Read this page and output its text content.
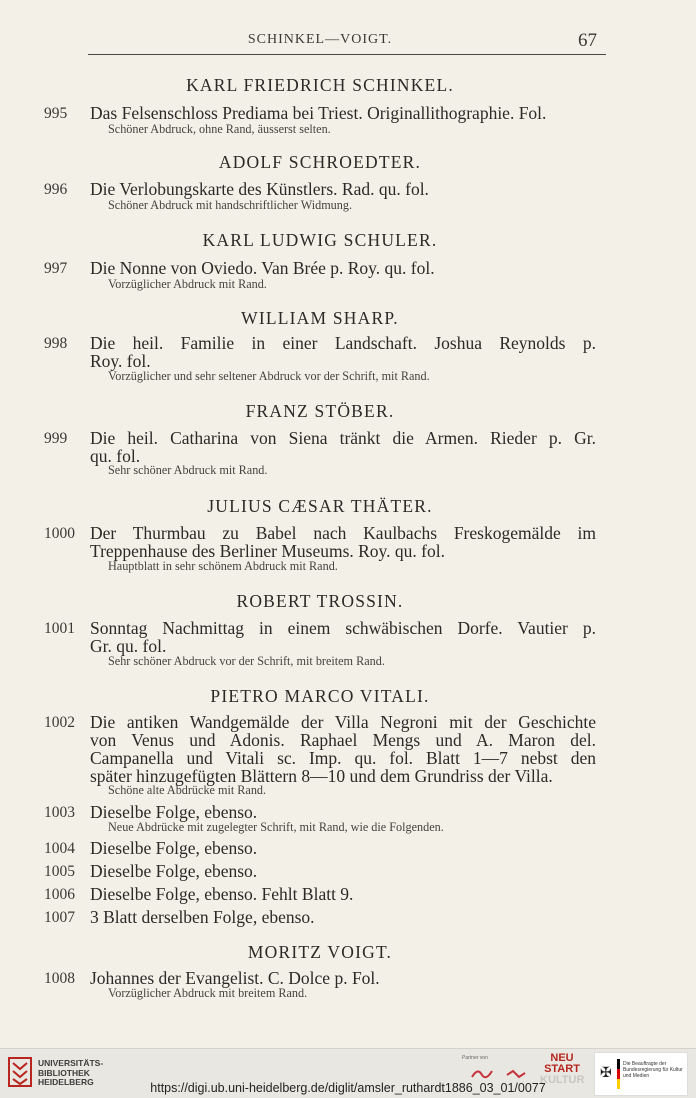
SCHINKEL—VOIGT.	67
KARL FRIEDRICH SCHINKEL.
995	Das Felsenschloss Prediama bei Triest. Originallithographie. Fol.
Schöner Abdruck, ohne Rand, äusserst selten.
ADOLF SCHROEDTER.
996	Die Verlobungskarte des Künstlers. Rad. qu. fol.
Schöner Abdruck mit handschriftlicher Widmung.
KARL LUDWIG SCHULER.
997	Die Nonne von Oviedo. Van Brée p. Roy. qu. fol.
Vorzüglicher Abdruck mit Rand.
WILLIAM SHARP.
998	Die heil. Familie in einer Landschaft. Joshua Reynolds p.
Roy. fol.
Vorzüglicher und sehr seltener Abdruck vor der Schrift, mit Rand.
FRANZ STÖBER.
999	Die heil. Catharina von Siena tränkt die Armen. Rieder p. Gr.
qu. fol.
Sehr schöner Abdruck mit Rand.
JULIUS CÆSAR THÄTER.
1000 Der Thurmbau zu Babel nach Kaulbachs Freskogemälde im
Treppenhause des Berliner Museums. Roy. qu. fol.
Hauptblatt in sehr schönem Abdruck mit Rand.
ROBERT TROSSIN.
1001 Sonntag Nachmittag in einem schwäbischen Dorfe. Vautier p.
Gr. qu. fol.
Sehr schöner Abdruck vor der Schrift, mit breitem Rand.
PIETRO MARCO VITALI.
1002 Die antiken Wandgemälde der Villa Negroni mit der Geschichte
von Venus und Adonis. Raphael Mengs und A. Maron del.
Campanella und Vitali sc. Imp. qu. fol. Blatt 1—7 nebst den
später hinzugefügten Blättern 8—10 und dem Grundriss der Villa.
Schöne alte Abdrücke mit Rand.
1003 Dieselbe Folge, ebenso.
Neue Abdrücke mit zugelegter Schrift, mit Rand, wie die Folgenden.
1004 Dieselbe Folge, ebenso.
1005 Dieselbe Folge, ebenso.
1006 Dieselbe Folge, ebenso. Fehlt Blatt 9.
1007 3 Blatt derselben Folge, ebenso.
MORITZ VOIGT.
1008 Johannes der Evangelist. C. Dolce p. Fol.
Vorzüglicher Abdruck mit breitem Rand.
UNIVERSITÄTS-
BIBLIOTHEK
HEIDELBERG
Partner von	NEU
START
KULTUR ✠
Die Beauftragte der Bundesregierung für Kultur und Medien
https://digi.ub.uni-heidelberg.de/diglit/amsler_ruthardt1886_03_01/0077
